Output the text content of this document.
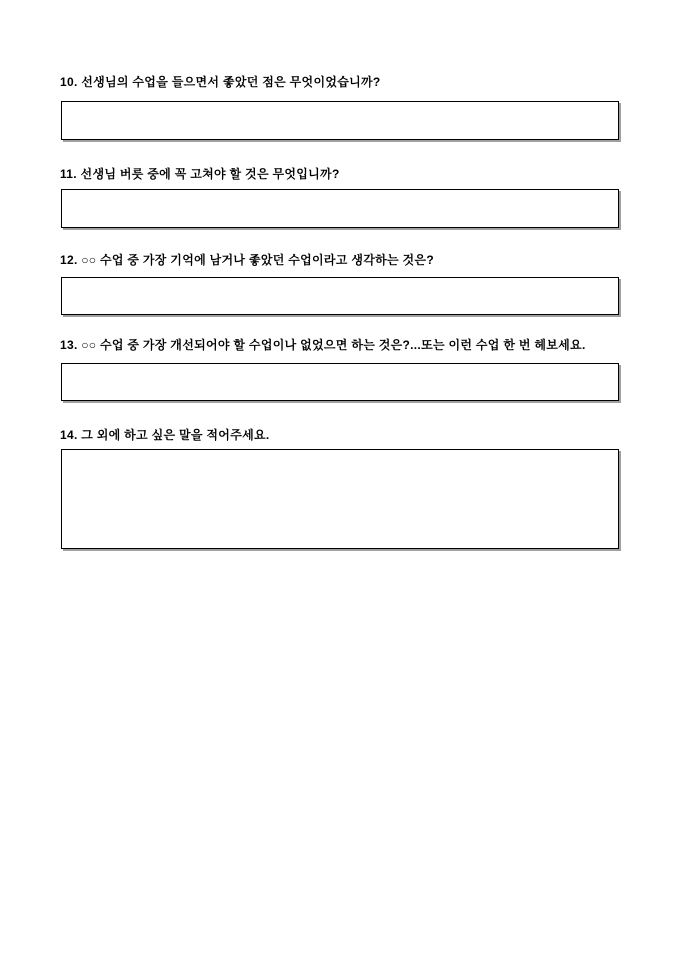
10. 선생님의 수업을 들으면서 좋았던 점은 무엇이었습니까?
11. 선생님 버릇 중에 꼭 고쳐야 할 것은 무엇입니까?
12. ○○ 수업 중 가장 기억에 남거나 좋았던 수업이라고 생각하는 것은?
13. ○○ 수업 중 가장 개선되어야 할 수업이나 없었으면 하는 것은?...또는 이런 수업 한 번 헤보세요.
14. 그 외에 하고 싶은 말을 적어주세요.
